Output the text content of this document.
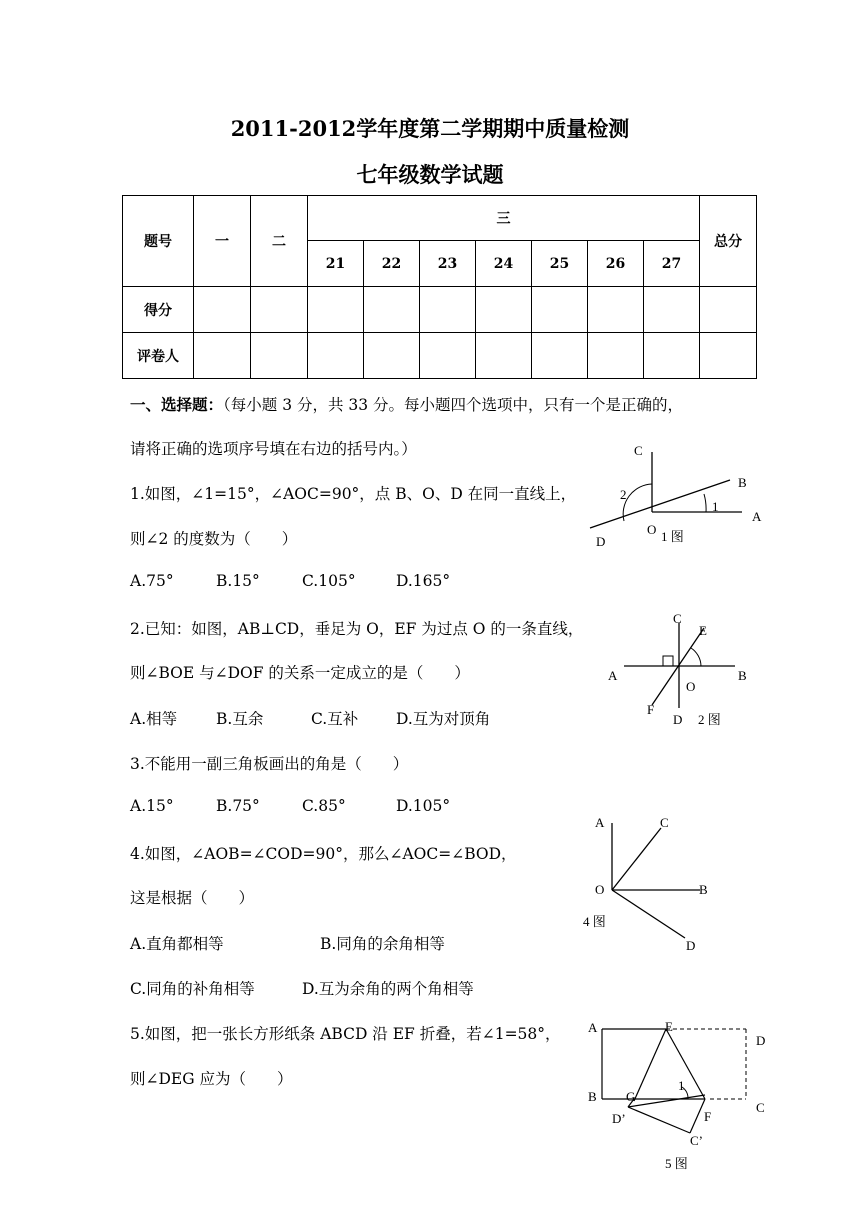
2011-2012学年度第二学期期中质量检测
七年级数学试题
题号	一	二	三							总分
			21	22	23	24	25	26	27	
得分										
评卷人										
一、选择题：（每小题 3 分，共 33 分。每小题四个选项中，只有一个是正确的，
请将正确的选项序号填在右边的括号内。）
1.如图，∠1=15°，∠AOC=90°，点 B、O、D 在同一直线上，
则∠2 的度数为（　　）
A.75°	B.15°	C.105°	D.165°
C
B
A
O
D
1
2
1 图
2.已知：如图，AB⊥CD，垂足为 O，EF 为过点 O 的一条直线，
则∠BOE 与∠DOF 的关系一定成立的是（　　）
A.相等	B.互余	C.互补 D.互为对顶角
C
E
A	B
O
F
D 2 图
3.不能用一副三角板画出的角是（　　）
A.15°	B.75°	C.85°	D.105°
4.如图，∠AOB=∠COD=90°，那么∠AOC=∠BOD，
这是根据（　　）
A.直角都相等	B.同角的余角相等
C.同角的补角相等	D.互为余角的两个角相等
A	C
O	B
D
4 图
5.如图，把一张长方形纸条 ABCD 沿 EF 折叠，若∠1=58°，
则∠DEG 应为（　　）
A	E
D
B G
C
D’	F
C’
1
5 图
